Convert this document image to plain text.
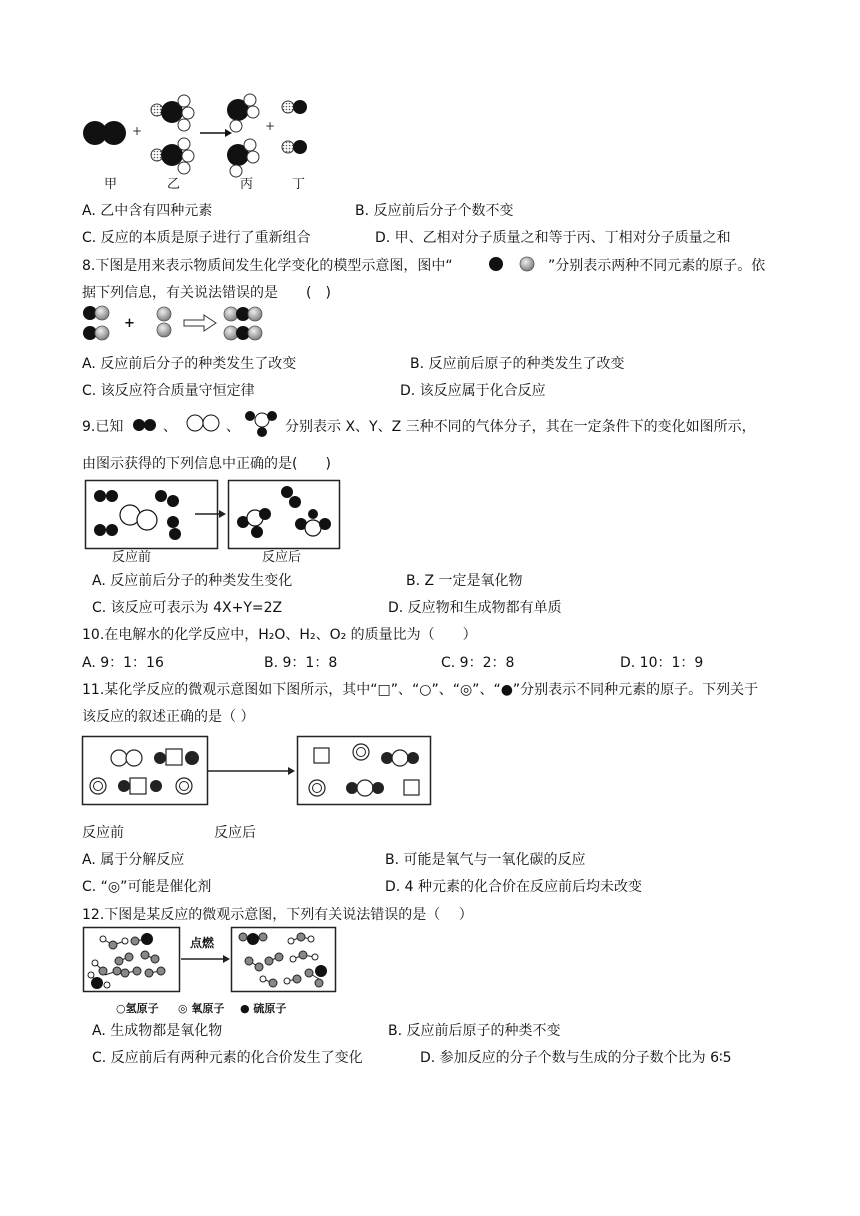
+	+
甲	乙	丙	丁
A. 乙中含有四种元素	B. 反应前后分子个数不变
C. 反应的本质是原子进行了重新组合	D. 甲、乙相对分子质量之和等于丙、丁相对分子质量之和
8.下图是用来表示物质间发生化学变化的模型示意图，图中“	”分别表示两种不同元素的原子。依
据下列信息，有关说法错误的是　　(　)
+
A. 反应前后分子的种类发生了改变	B. 反应前后原子的种类发生了改变
C. 该反应符合质量守恒定律	D. 该反应属于化合反应
9.已知	、	、	分别表示 X、Y、Z 三种不同的气体分子，其在一定条件下的变化如图所示，
由图示获得的下列信息中正确的是(　　)
反应前	反应后
A. 反应前后分子的种类发生变化	B. Z 一定是氧化物
C. 该反应可表示为 4X+Y=2Z	D. 反应物和生成物都有单质
10.在电解水的化学反应中，H₂O、H₂、O₂ 的质量比为（　　）
A. 9：1：16	B. 9：1：8	C. 9：2：8	D. 10：1：9
11.某化学反应的微观示意图如下图所示，其中“□”、“○”、“◎”、“●”分别表示不同种元素的原子。下列关于
该反应的叙述正确的是（ ）
反应前	反应后
A. 属于分解反应	B. 可能是氧气与一氧化碳的反应
C. “◎”可能是催化剂	D. 4 种元素的化合价在反应前后均未改变
12.下图是某反应的微观示意图，下列有关说法错误的是（　 ）
点燃
○氢原子 ◎ 氧原子 ● 硫原子
A. 生成物都是氧化物	B. 反应前后原子的种类不变
C. 反应前后有两种元素的化合价发生了变化	D. 参加反应的分子个数与生成的分子数个比为 6∶5
